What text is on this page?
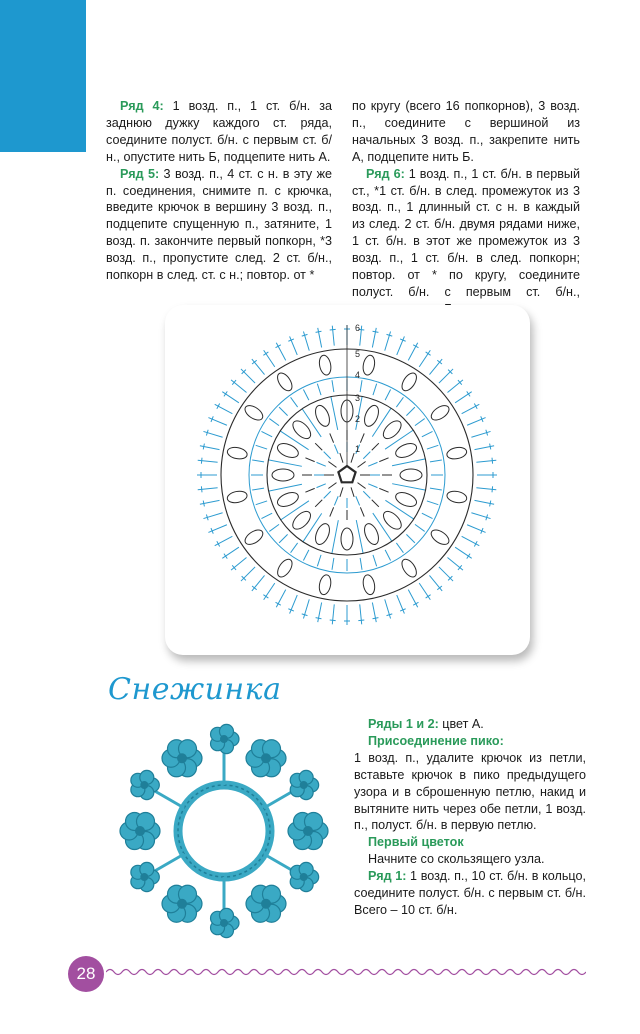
Ряд 4: 1 возд. п., 1 ст. б/н. за заднюю дужку каждого ст. ряда, соедините полуст. б/н. с первым ст. б/н., опустите нить Б, подцепите нить А.

Ряд 5: 3 возд. п., 4 ст. с н. в эту же п. соединения, снимите п. с крючка, введите крючок в вершину 3 возд. п., подцепите спущенную п., затяните, 1 возд. п. закончите первый попкорн, *3 возд. п., пропустите след. 2 ст. б/н., попкорн в след. ст. с н.; повтор. от *

по кругу (всего 16 попкорнов), 3 возд. п., соедините с вершиной из начальных 3 возд. п., закрепите нить А, подцепите нить Б.

Ряд 6: 1 возд. п., 1 ст. б/н. в первый ст., *1 ст. б/н. в след. промежуток из 3 возд. п., 1 длинный ст. с н. в каждый из след. 2 ст. б/н. двумя рядами ниже, 1 ст. б/н. в этот же промежуток из 3 возд. п., 1 ст. б/н. в след. попкорн; повтор. от * по кругу, соедините полуст. б/н. с первым ст. б/н.,

1
2
3
4
5
6
Снежинка

Ряды 1 и 2: цвет А.

Присоединение пико:

1 возд. п., удалите крючок из петли, вставьте крючок в пико предыдущего узора и в сброшенную петлю, накид и вытяните нить через обе петли, 1 возд. п., полуст. б/н. в первую петлю.

Первый цветок

Начните со скользящего узла.

Ряд 1: 1 возд. п., 10 ст. б/н. в кольцо, соедините полуст. б/н. с первым ст. б/н. Всего – 10 ст. б/н.

28
